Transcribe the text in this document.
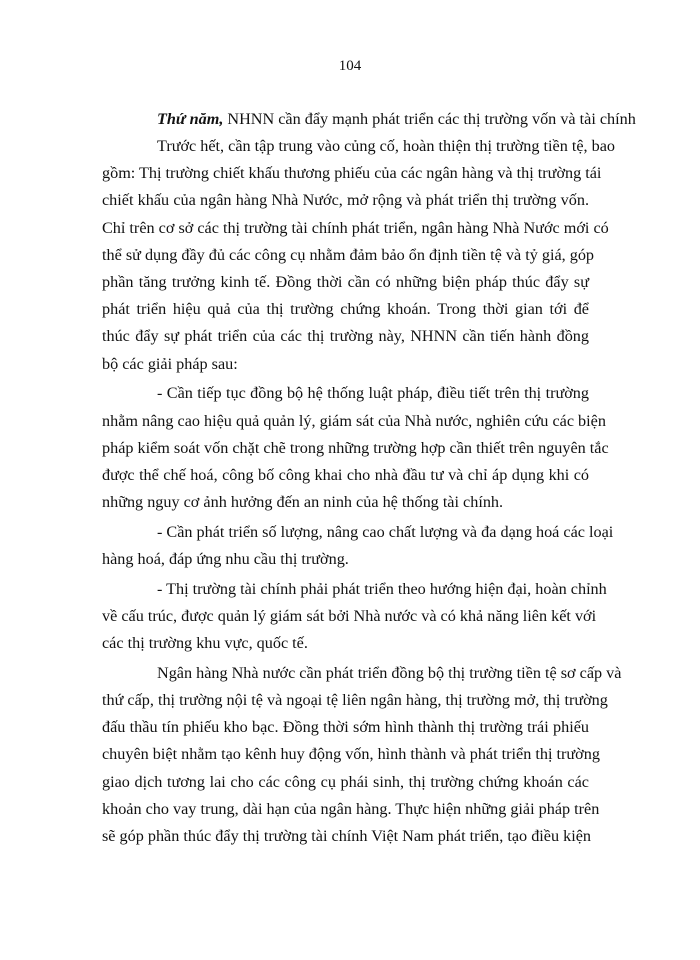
104
Thứ năm, NHNN cần đẩy mạnh phát triển các thị trường vốn và tài chính
Trước hết, cần tập trung vào củng cố, hoàn thiện thị trường tiền tệ, bao
gồm: Thị trường chiết khấu thương phiếu của các ngân hàng và thị trường tái
chiết khấu của ngân hàng Nhà Nước, mở rộng và phát triển thị trường vốn.
Chỉ trên cơ sở các thị trường tài chính phát triển, ngân hàng Nhà Nước mới có
thể sử dụng đầy đủ các công cụ nhằm đảm bảo ổn định tiền tệ và tỷ giá, góp
phần tăng trưởng kinh tế. Đồng thời cần có những biện pháp thúc đẩy sự
phát triển hiệu quả của thị trường chứng khoán. Trong thời gian tới để
thúc đẩy sự phát triển của các thị trường này, NHNN cần tiến hành đồng
bộ các giải pháp sau:
- Cần tiếp tục đồng bộ hệ thống luật pháp, điều tiết trên thị trường
nhằm nâng cao hiệu quả quản lý, giám sát của Nhà nước, nghiên cứu các biện
pháp kiểm soát vốn chặt chẽ trong những trường hợp cần thiết trên nguyên tắc
được thể chế hoá, công bố công khai cho nhà đầu tư và chỉ áp dụng khi có
những nguy cơ ảnh hưởng đến an ninh của hệ thống tài chính.
- Cần phát triển số lượng, nâng cao chất lượng và đa dạng hoá các loại
hàng hoá, đáp ứng nhu cầu thị trường.
- Thị trường tài chính phải phát triển theo hướng hiện đại, hoàn chỉnh
về cấu trúc, được quản lý giám sát bởi Nhà nước và có khả năng liên kết với
các thị trường khu vực, quốc tế.
Ngân hàng Nhà nước cần phát triển đồng bộ thị trường tiền tệ sơ cấp và
thứ cấp, thị trường nội tệ và ngoại tệ liên ngân hàng, thị trường mở, thị trường
đấu thầu tín phiếu kho bạc. Đồng thời sớm hình thành thị trường trái phiếu
chuyên biệt nhằm tạo kênh huy động vốn, hình thành và phát triển thị trường
giao dịch tương lai cho các công cụ phái sinh, thị trường chứng khoán các
khoản cho vay trung, dài hạn của ngân hàng. Thực hiện những giải pháp trên
sẽ góp phần thúc đẩy thị trường tài chính Việt Nam phát triển, tạo điều kiện
